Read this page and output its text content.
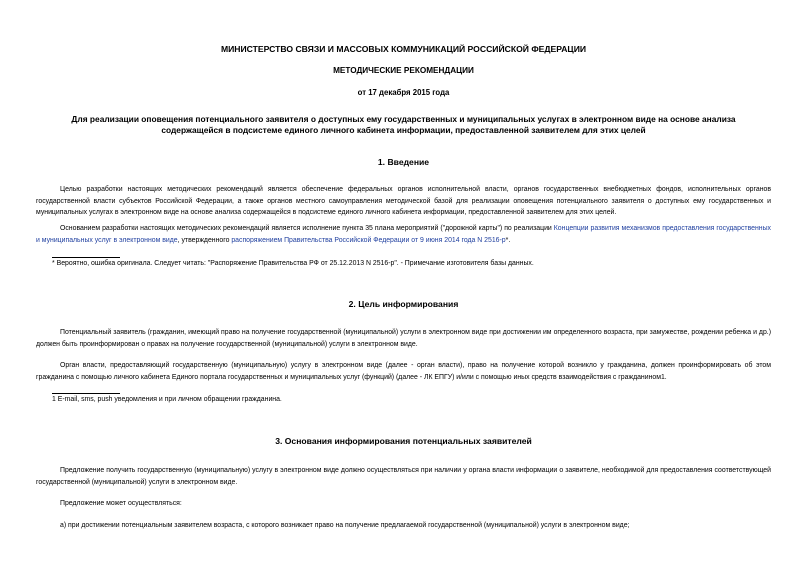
МИНИСТЕРСТВО СВЯЗИ И МАССОВЫХ КОММУНИКАЦИЙ РОССИЙСКОЙ ФЕДЕРАЦИИ
МЕТОДИЧЕСКИЕ РЕКОМЕНДАЦИИ
от 17 декабря 2015 года
Для реализации оповещения потенциального заявителя о доступных ему государственных и муниципальных услугах в электронном виде на основе анализа
содержащейся в подсистеме единого личного кабинета информации, предоставленной заявителем для этих целей
1. Введение
Целью разработки настоящих методических рекомендаций является обеспечение федеральных органов исполнительной власти, органов государственных внебюджетных фондов, исполнительных органов государственной власти субъектов Российской Федерации, а также органов местного самоуправления методической базой для реализации оповещения потенциального заявителя о доступных ему государственных и муниципальных услугах в электронном виде на основе анализа содержащейся в подсистеме единого личного кабинета информации, предоставленной заявителем для этих целей.
Основанием разработки настоящих методических рекомендаций является исполнение пункта 35 плана мероприятий ("дорожной карты") по реализации Концепции развития механизмов предоставления государственных и муниципальных услуг в электронном виде, утвержденного распоряжением Правительства Российской Федерации от 9 июня 2014 года N 2516-р*.
* Вероятно, ошибка оригинала. Следует читать: "Распоряжение Правительства РФ от 25.12.2013 N 2516-р". - Примечание изготовителя базы данных.
2. Цель информирования
Потенциальный заявитель (гражданин, имеющий право на получение государственной (муниципальной) услуги в электронном виде при достижении им определенного возраста, при замужестве, рождении ребенка и др.) должен быть проинформирован о правах на получение государственной (муниципальной) услуги в электронном виде.
Орган власти, предоставляющий государственную (муниципальную) услугу в электронном виде (далее - орган власти), право на получение которой возникло у гражданина, должен проинформировать об этом гражданина с помощью личного кабинета Единого портала государственных и муниципальных услуг (функций) (далее - ЛК ЕПГУ) и/или с помощью иных средств взаимодействия с гражданином1.
1 E-mail, sms, push уведомления и при личном обращении гражданина.
3. Основания информирования потенциальных заявителей
Предложение получить государственную (муниципальную) услугу в электронном виде должно осуществляться при наличии у органа власти информации о заявителе, необходимой для предоставления соответствующей государственной (муниципальной) услуги в электронном виде.
Предложение может осуществляться:
а) при достижении потенциальным заявителем возраста, с которого возникает право на получение предлагаемой государственной (муниципальной) услуги в электронном виде;
